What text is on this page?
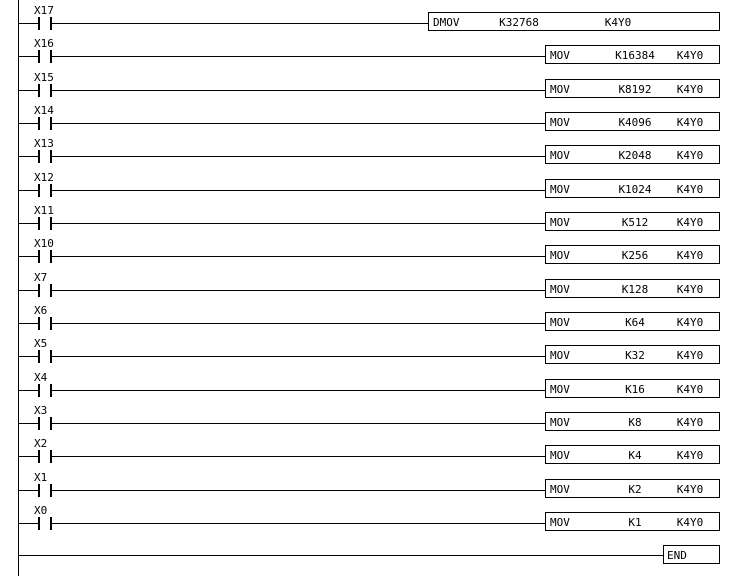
X17
DMOV	K32768	K4Y0
X16
MOV	K16384 K4Y0
X15
MOV	K8192 K4Y0
X14
MOV	K4096 K4Y0
X13
MOV	K2048 K4Y0
X12
MOV	K1024 K4Y0
X11
MOV	K512	K4Y0
X10
MOV	K256	K4Y0
X7
MOV	K128	K4Y0
X6
MOV	K64	K4Y0
X5
MOV	K32	K4Y0
X4
MOV	K16	K4Y0
X3
MOV	K8	K4Y0
X2
MOV	K4	K4Y0
X1
MOV	K2	K4Y0
X0
MOV	K1	K4Y0
END
